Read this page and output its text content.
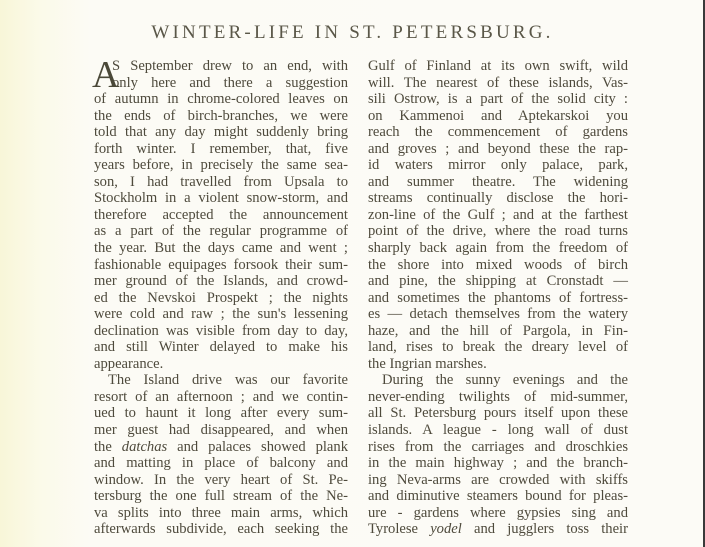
WINTER-LIFE IN ST. PETERSBURG.
A
S September drew to an end, with
only here and there a suggestion
of autumn in chrome-colored leaves on
the ends of birch-branches, we were
told that any day might suddenly bring
forth winter. I remember, that, five
years before, in precisely the same sea-
son, I had travelled from Upsala to
Stockholm in a violent snow-storm, and
therefore accepted the announcement
as a part of the regular programme of
the year. But the days came and went ;
fashionable equipages forsook their sum-
mer ground of the Islands, and crowd-
ed the Nevskoi Prospekt ; the nights
were cold and raw ; the sun's lessening
declination was visible from day to day,
and still Winter delayed to make his
appearance.
The Island drive was our favorite
resort of an afternoon ; and we contin-
ued to haunt it long after every sum-
mer guest had disappeared, and when
the datchas and palaces showed plank
and matting in place of balcony and
window. In the very heart of St. Pe-
tersburg the one full stream of the Ne-
va splits into three main arms, which
afterwards subdivide, each seeking the
Gulf of Finland at its own swift, wild
will. The nearest of these islands, Vas-
sili Ostrow, is a part of the solid city :
on Kammenoi and Aptekarskoi you
reach the commencement of gardens
and groves ; and beyond these the rap-
id waters mirror only palace, park,
and summer theatre. The widening
streams continually disclose the hori-
zon-line of the Gulf ; and at the farthest
point of the drive, where the road turns
sharply back again from the freedom of
the shore into mixed woods of birch
and pine, the shipping at Cronstadt —
and sometimes the phantoms of fortress-
es — detach themselves from the watery
haze, and the hill of Pargola, in Fin-
land, rises to break the dreary level of
the Ingrian marshes.
During the sunny evenings and the
never-ending twilights of mid-summer,
all St. Petersburg pours itself upon these
islands. A league - long wall of dust
rises from the carriages and droschkies
in the main highway ; and the branch-
ing Neva-arms are crowded with skiffs
and diminutive steamers bound for pleas-
ure - gardens where gypsies sing and
Tyrolese yodel and jugglers toss their
